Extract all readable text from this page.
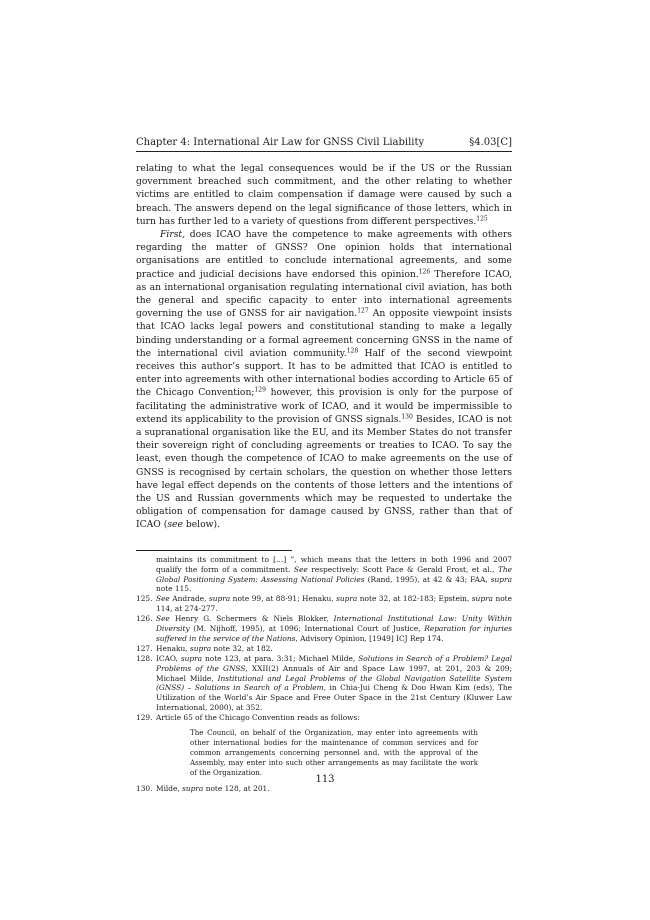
Chapter 4: International Air Law for GNSS Civil Liability	§4.03[C]

relating to what the legal consequences would be if the US or the Russian government breached such commitment, and the other relating to whether victims are entitled to claim compensation if damage were caused by such a breach. The answers depend on the legal significance of those letters, which in turn has further led to a variety of questions from different perspectives.$^{125}$

First, does ICAO have the competence to make agreements with others regarding the matter of GNSS? One opinion holds that international organisations are entitled to conclude international agreements, and some practice and judicial decisions have endorsed this opinion.$^{126}$ Therefore ICAO, as an international organisation regulating international civil aviation, has both the general and specific capacity to enter into international agreements governing the use of GNSS for air navigation.$^{127}$ An opposite viewpoint insists that ICAO lacks legal powers and constitutional standing to make a legally binding understanding or a formal agreement concerning GNSS in the name of the international civil aviation community.$^{128}$ Half of the second viewpoint receives this author’s support. It has to be admitted that ICAO is entitled to enter into agreements with other international bodies according to Article 65 of the Chicago Convention;$^{129}$ however, this provision is only for the purpose of facilitating the administrative work of ICAO, and it would be impermissible to extend its applicability to the provision of GNSS signals.$^{130}$ Besides, ICAO is not a supranational organisation like the EU, and its Member States do not transfer their sovereign right of concluding agreements or treaties to ICAO. To say the least, even though the competence of ICAO to make agreements on the use of GNSS is recognised by certain scholars, the question on whether those letters have legal effect depends on the contents of those letters and the intentions of the US and Russian governments which may be requested to undertake the obligation of compensation for damage caused by GNSS, rather than that of ICAO (see below).

maintains its commitment to […] ”, which means that the letters in both 1996 and 2007 qualify the form of a commitment. See respectively: Scott Pace & Gerald Frost, et al., The Global Positioning System: Assessing National Policies (Rand, 1995), at 42 & 43; FAA, supra note 115.
125. See Andrade, supra note 99, at 88-91; Henaku, supra note 32, at 182-183; Epstein, supra note 114, at 274-277.
126. See Henry G. Schermers & Niels Blokker, International Institutional Law: Unity Within Diversity (M. Nijhoff, 1995), at 1096; International Court of Justice, Reparation for injuries suffered in the service of the Nations, Advisory Opinion, [1949] ICJ Rep 174.
127. Henaku, supra note 32, at 182.
128. ICAO, supra note 123, at para. 3:31; Michael Milde, Solutions in Search of a Problem? Legal Problems of the GNSS, XXII(2) Annuals of Air and Space Law 1997, at 201, 203 & 209; Michael Milde, Institutional and Legal Problems of the Global Navigation Satellite System (GNSS) – Solutions in Search of a Problem, in Chia-Jui Cheng & Doo Hwan Kim (eds), The Utilization of the World’s Air Space and Free Outer Space in the 21st Century (Kluwer Law International, 2000), at 352.
129. Article 65 of the Chicago Convention reads as follows:
The Council, on behalf of the Organization, may enter into agreements with other international bodies for the maintenance of common services and for common arrangements concerning personnel and, with the approval of the Assembly, may enter into such other arrangements as may facilitate the work of the Organization.
130. Milde, supra note 128, at 201.
113
